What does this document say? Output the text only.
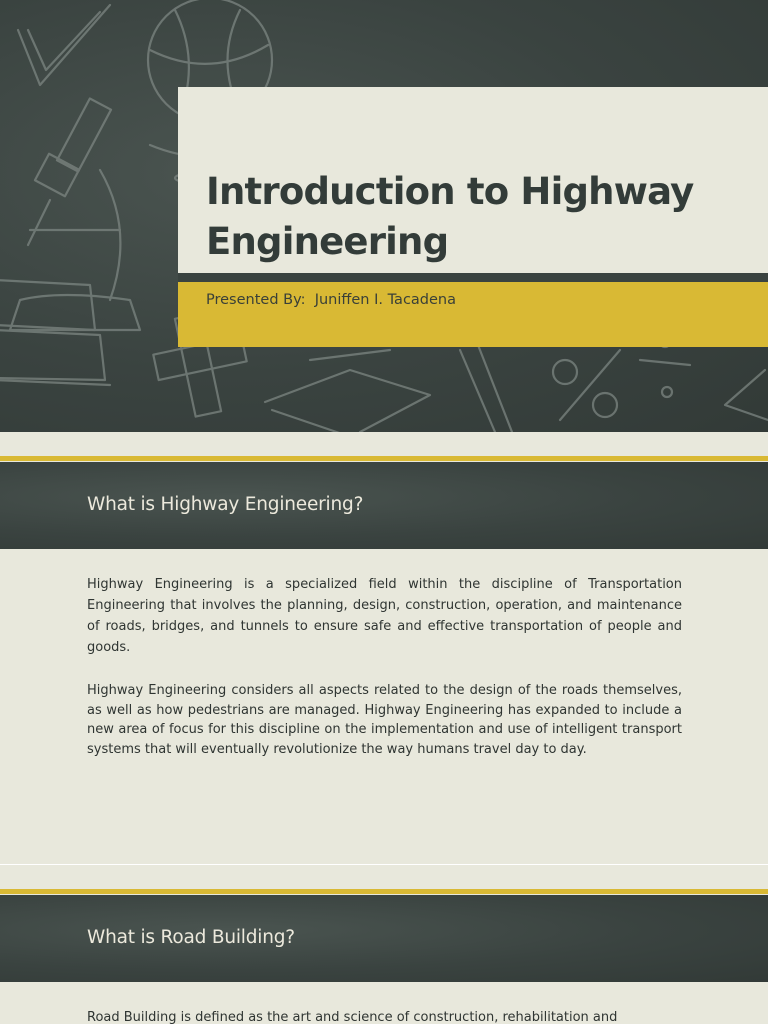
Introduction to Highway Engineering
Presented By:  Juniffen I. Tacadena
What is Highway Engineering?

Highway Engineering is a specialized field within the discipline of Transportation Engineering that involves the planning, design, construction, operation, and maintenance of roads, bridges, and tunnels to ensure safe and effective transportation of people and goods.

Highway Engineering considers all aspects related to the design of the roads themselves, as well as how pedestrians are managed. Highway Engineering has expanded to include a new area of focus for this discipline on the implementation and use of intelligent transport systems that will eventually revolutionize the way humans travel day to day.

What is Road Building?

Road Building is defined as the art and science of construction, rehabilitation and
